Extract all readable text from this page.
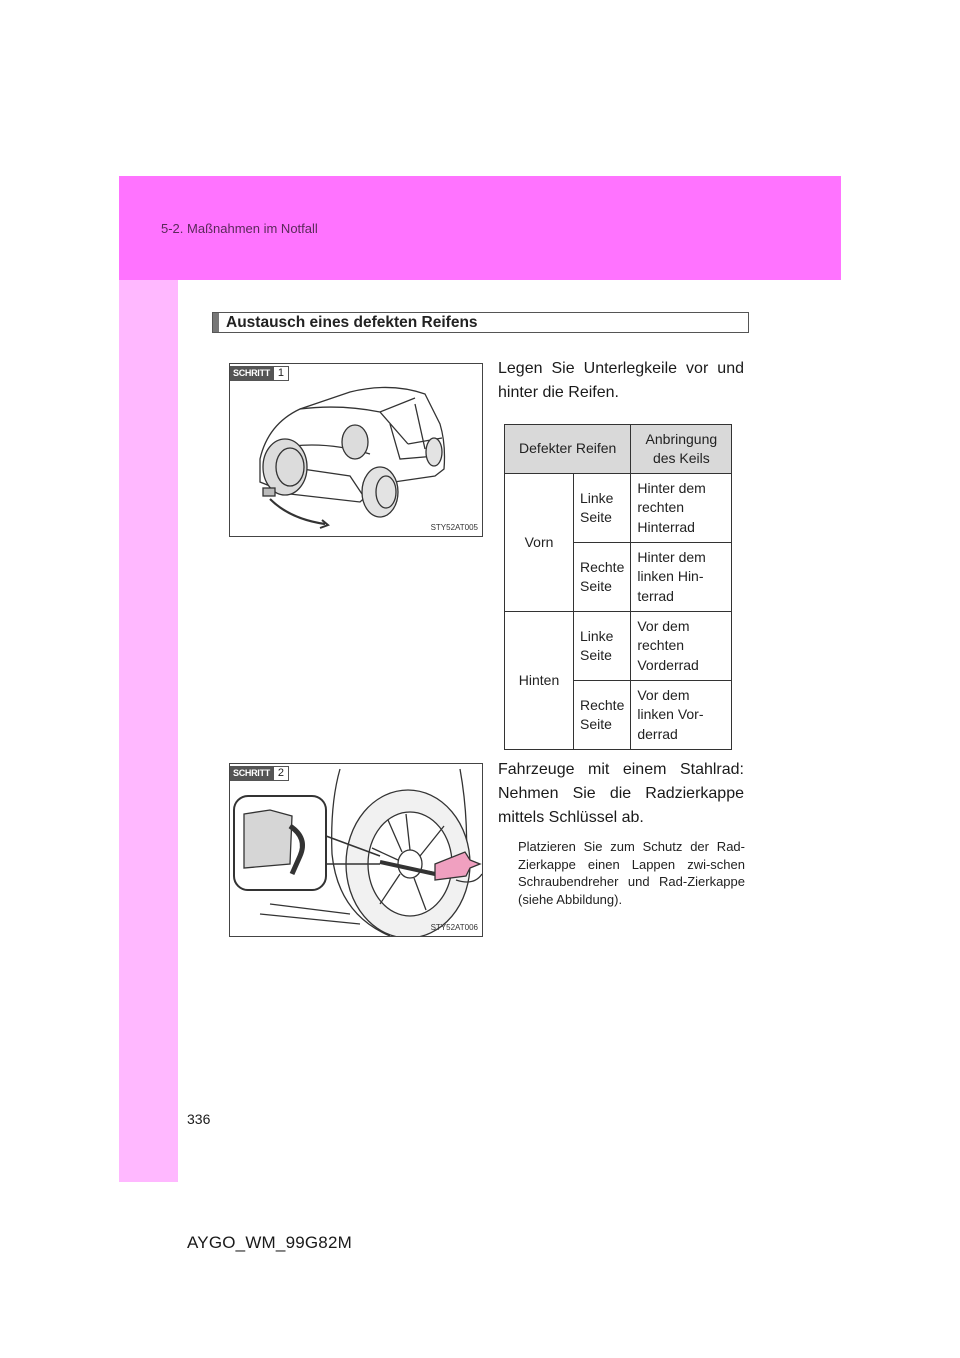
5-2. Maßnahmen im Notfall
Austausch eines defekten Reifens
SCHRITT 1
STY52AT005
Legen Sie Unterlegkeile vor und hinter die Reifen.
Defekter Reifen		Anbringung des Keils
Vorn	Linke Seite	Hinter dem rechten Hinterrad
	Rechte Seite	Hinter dem linken Hin-terrad
Hinten	Linke Seite	Vor dem rechten Vorderrad
	Rechte Seite	Vor dem linken Vor-derrad
SCHRITT 2
STY52AT006
Fahrzeuge mit einem Stahlrad: Nehmen Sie die Radzierkappe mittels Schlüssel ab.
Platzieren Sie zum Schutz der Rad-Zierkappe einen Lappen zwi-schen Schraubendreher und Rad-Zierkappe (siehe Abbildung).
336
AYGO_WM_99G82M
